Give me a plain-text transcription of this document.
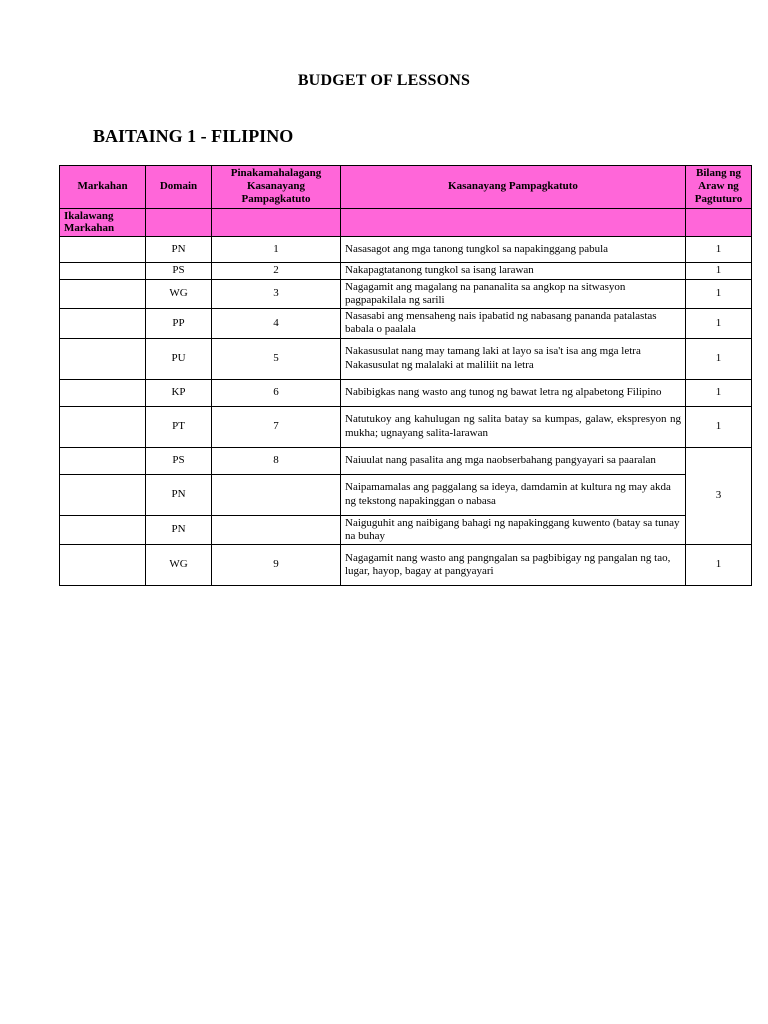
BUDGET OF LESSONS
BAITAING 1 - FILIPINO
Markahan	Domain	Pinakamahalagang Kasanayang Pampagkatuto	Kasanayang Pampagkatuto	Bilang ng Araw ng Pagtuturo
Ikalawang Markahan				
	PN	1	Nasasagot ang mga tanong tungkol sa napakinggang pabula	1
	PS	2	Nakapagtatanong tungkol sa isang larawan	1
	WG	3	Nagagamit ang magalang na pananalita sa angkop na sitwasyon pagpapakilala ng sarili	1
	PP	4	Nasasabi ang mensaheng nais ipabatid ng nabasang pananda patalastas babala o paalala	1
	PU	5	Nakasusulat nang may tamang laki at layo sa isa't isa ang mga letra Nakasusulat ng malalaki at maliliit na letra	1
	KP	6	Nabibigkas nang wasto ang tunog ng bawat letra ng alpabetong Filipino	1
	PT	7	Natutukoy ang kahulugan ng salita batay sa kumpas, galaw, ekspresyon ng mukha; ugnayang salita-larawan	1
	PS	8	Naiuulat nang pasalita ang mga naobserbahang pangyayari sa paaralan	3
	PN		Naipamamalas ang paggalang sa ideya, damdamin at kultura ng may akda ng tekstong napakinggan o nabasa	
	PN		Naiguguhit ang naibigang bahagi ng napakinggang kuwento (batay sa tunay na buhay	
	WG	9	Nagagamit nang wasto ang pangngalan sa pagbibigay ng pangalan ng tao, lugar, hayop, bagay at pangyayari	1
